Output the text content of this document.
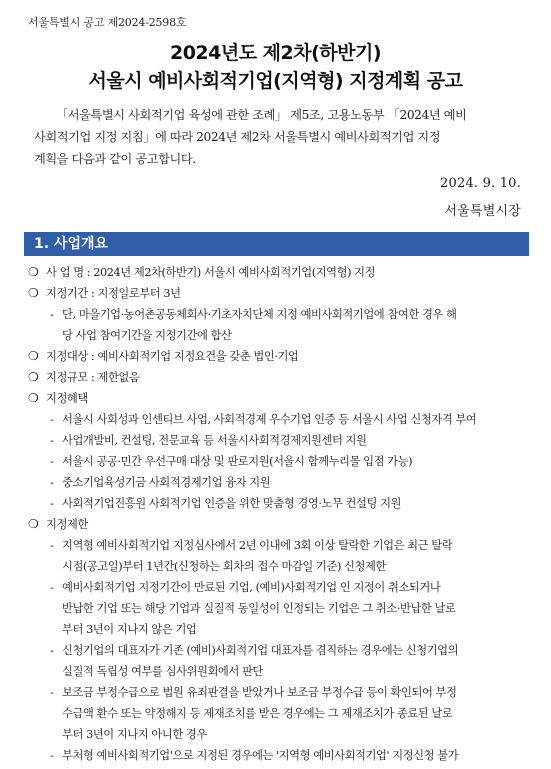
서울특별시 공고 제2024-2598호
2024년도 제2차(하반기)
서울시 예비사회적기업(지역형) 지정계획 공고
「서울특별시 사회적기업 육성에 관한 조례」 제5조, 고용노동부 「2024년 예비
사회적기업 지정 지침」에 따라 2024년 제2차 서울특별시 예비사회적기업 지정
계획을 다음과 같이 공고합니다.
2024. 9. 10.
서울특별시장
1. 사업개요
❍ 사 업 명 : 2024년 제2차(하반기) 서울시 예비사회적기업(지역형) 지정
❍ 지정기간 : 지정일로부터 3년
- 단, 마을기업·농어촌공동체회사·기초자치단체 지정 예비사회적기업에 참여한 경우 해
당 사업 참여기간을 지정기간에 합산
❍ 지정대상 : 예비사회적기업 지정요건을 갖춘 법인·기업
❍ 지정규모 : 제한없음
❍ 지정혜택
- 서울시 사회성과 인센티브 사업, 사회적경제 우수기업 인증 등 서울시 사업 신청자격 부여
- 사업개발비, 컨설팅, 전문교육 등 서울시사회적경제지원센터 지원
- 서울시 공공·민간 우선구매 대상 및 판로지원(서울시 함께누리몰 입점 가능)
- 중소기업육성기금 사회적경제기업 융자 지원
- 사회적기업진흥원 사회적기업 인증을 위한 맞춤형 경영·노무 컨설팅 지원
❍ 지정제한
- 지역형 예비사회적기업 지정심사에서 2년 이내에 3회 이상 탈락한 기업은 최근 탈락
시점(공고일)부터 1년간(신청하는 회차의 접수 마감일 기준) 신청제한
- 예비사회적기업 지정기간이 만료된 기업, (예비)사회적기업 인 지정이 취소되거나
반납한 기업 또는 해당 기업과 실질적 동일성이 인정되는 기업은 그 취소·반납한 날로
부터 3년이 지나지 않은 기업
- 신청기업의 대표자가 기존 (예비)사회적기업 대표자를 겸직하는 경우에는 신청기업의
실질적 독립성 여부를 심사위원회에서 판단
- 보조금 부정수급으로 법원 유죄판결을 받았거나 보조금 부정수급 등이 확인되어 부정
수급액 환수 또는 약정해지 등 제재조치를 받은 경우에는 그 제재조치가 종료된 날로
부터 3년이 지나지 아니한 경우
- 부처형 예비사회적기업'으로 지정된 경우에는 '지역형 예비사회적기업' 지정신청 불가
